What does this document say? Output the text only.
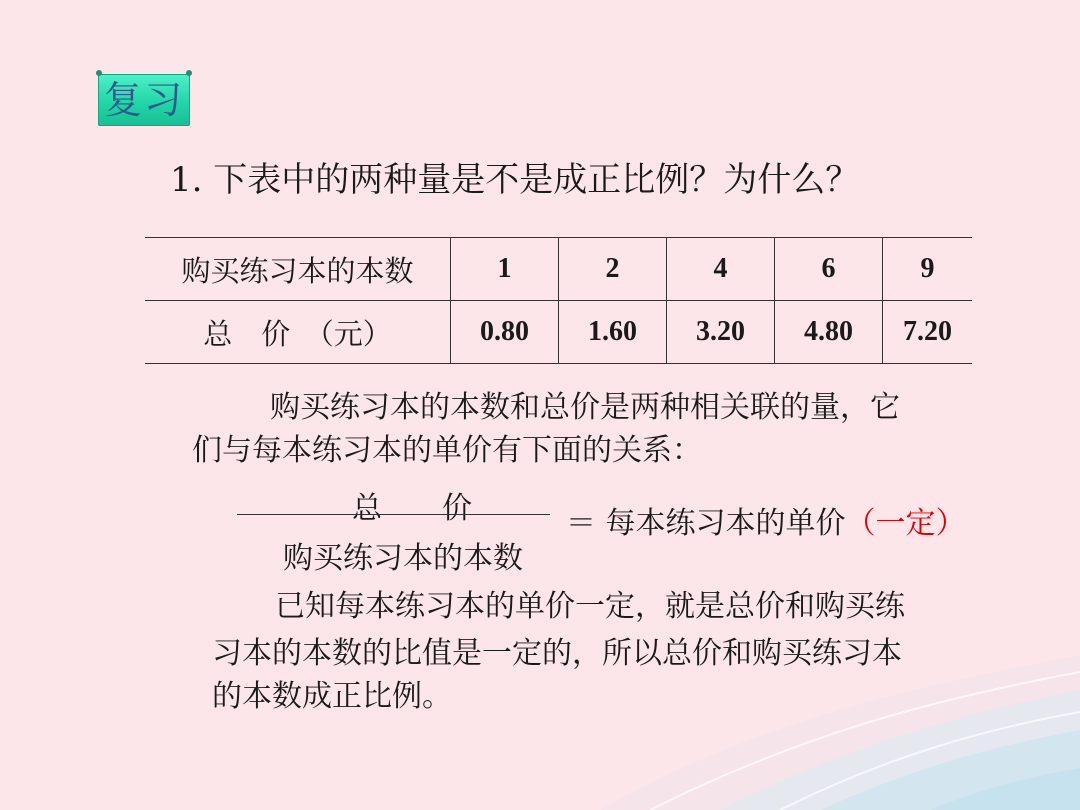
复习
1. 下表中的两种量是不是成正比例？为什么？
购买练习本的本数	1	2	4	6	9
总　价　（元）	0.80	1.60	3.20	4.80	7.20
购买练习本的本数和总价是两种相关联的量，它
们与每本练习本的单价有下面的关系：
总　　价
购买练习本的本数
＝ 每本练习本的单价（一定）
已知每本练习本的单价一定，就是总价和购买练
习本的本数的比值是一定的，所以总价和购买练习本
的本数成正比例。
